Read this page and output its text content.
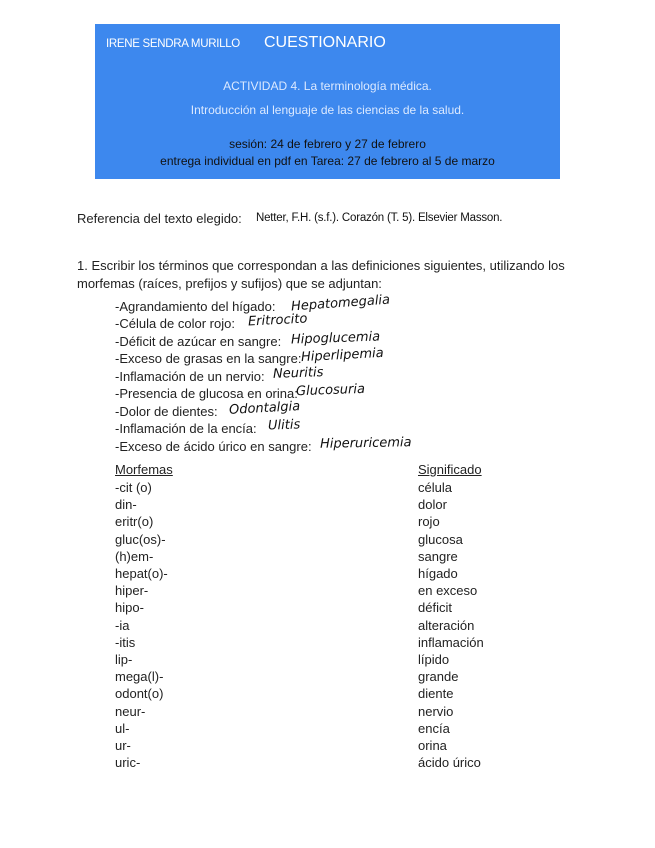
IRENE SENDRA MURILLO CUESTIONARIO
ACTIVIDAD 4. La terminología médica.
Introducción al lenguaje de las ciencias de la salud.
sesión: 24 de febrero y 27 de febrero
entrega individual en pdf en Tarea: 27 de febrero al 5 de marzo
Referencia del texto elegido: Netter, F.H. (s.f.). Corazón (T. 5). Elsevier Masson.
1. Escribir los términos que correspondan a las definiciones siguientes, utilizando los morfemas (raíces, prefijos y sufijos) que se adjuntan:
-Agrandamiento del hígado: Hepatomegalia
-Célula de color rojo: Eritrocito
-Déficit de azúcar en sangre: Hipoglucemia
-Exceso de grasas en la sangre: Hiperlipemia
-Inflamación de un nervio: Neuritis
-Presencia de glucosa en orina:
Glucosuria
-Dolor de dientes: Odontalgia
-Inflamación de la encía: Ulitis
-Exceso de ácido úrico en sangre: Hiperuricemia
Morfemas	Significado
-cit (o)	célula
din-	dolor
eritr(o)	rojo
gluc(os)-	glucosa
(h)em-	sangre
hepat(o)-	hígado
hiper-	en exceso
hipo-	déficit
-ia	alteración
-itis	inflamación
lip-	lípido
mega(l)-	grande
odont(o)	diente
neur-	nervio
ul-	encía
ur-	orina
uric-	ácido úrico
